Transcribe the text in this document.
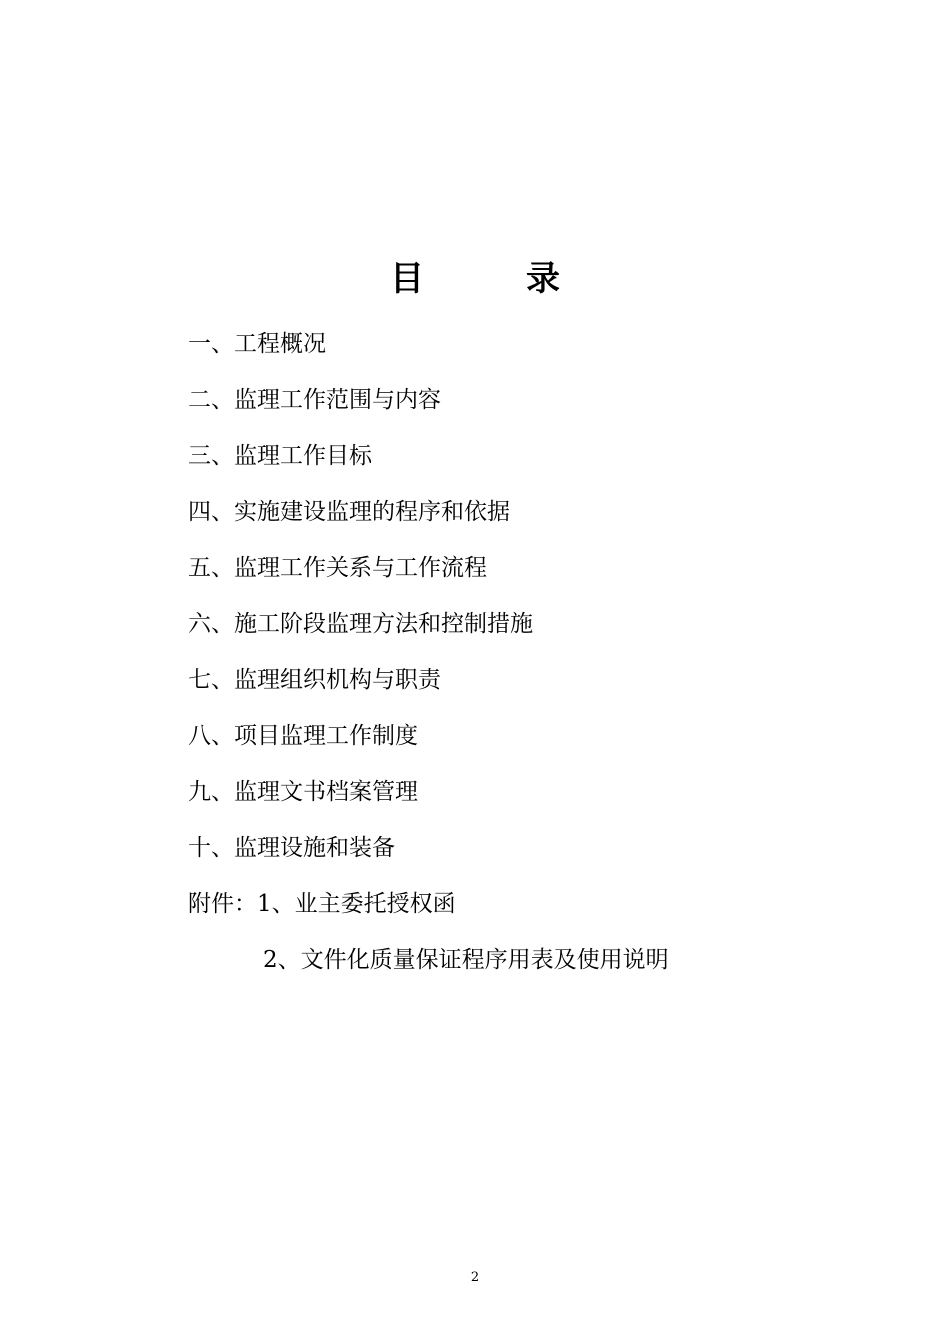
目　　　录
一、工程概况
二、监理工作范围与内容
三、监理工作目标
四、实施建设监理的程序和依据
五、监理工作关系与工作流程
六、施工阶段监理方法和控制措施
七、监理组织机构与职责
八、项目监理工作制度
九、监理文书档案管理
十、监理设施和装备
附件：1、业主委托授权函
2、文件化质量保证程序用表及使用说明
2
